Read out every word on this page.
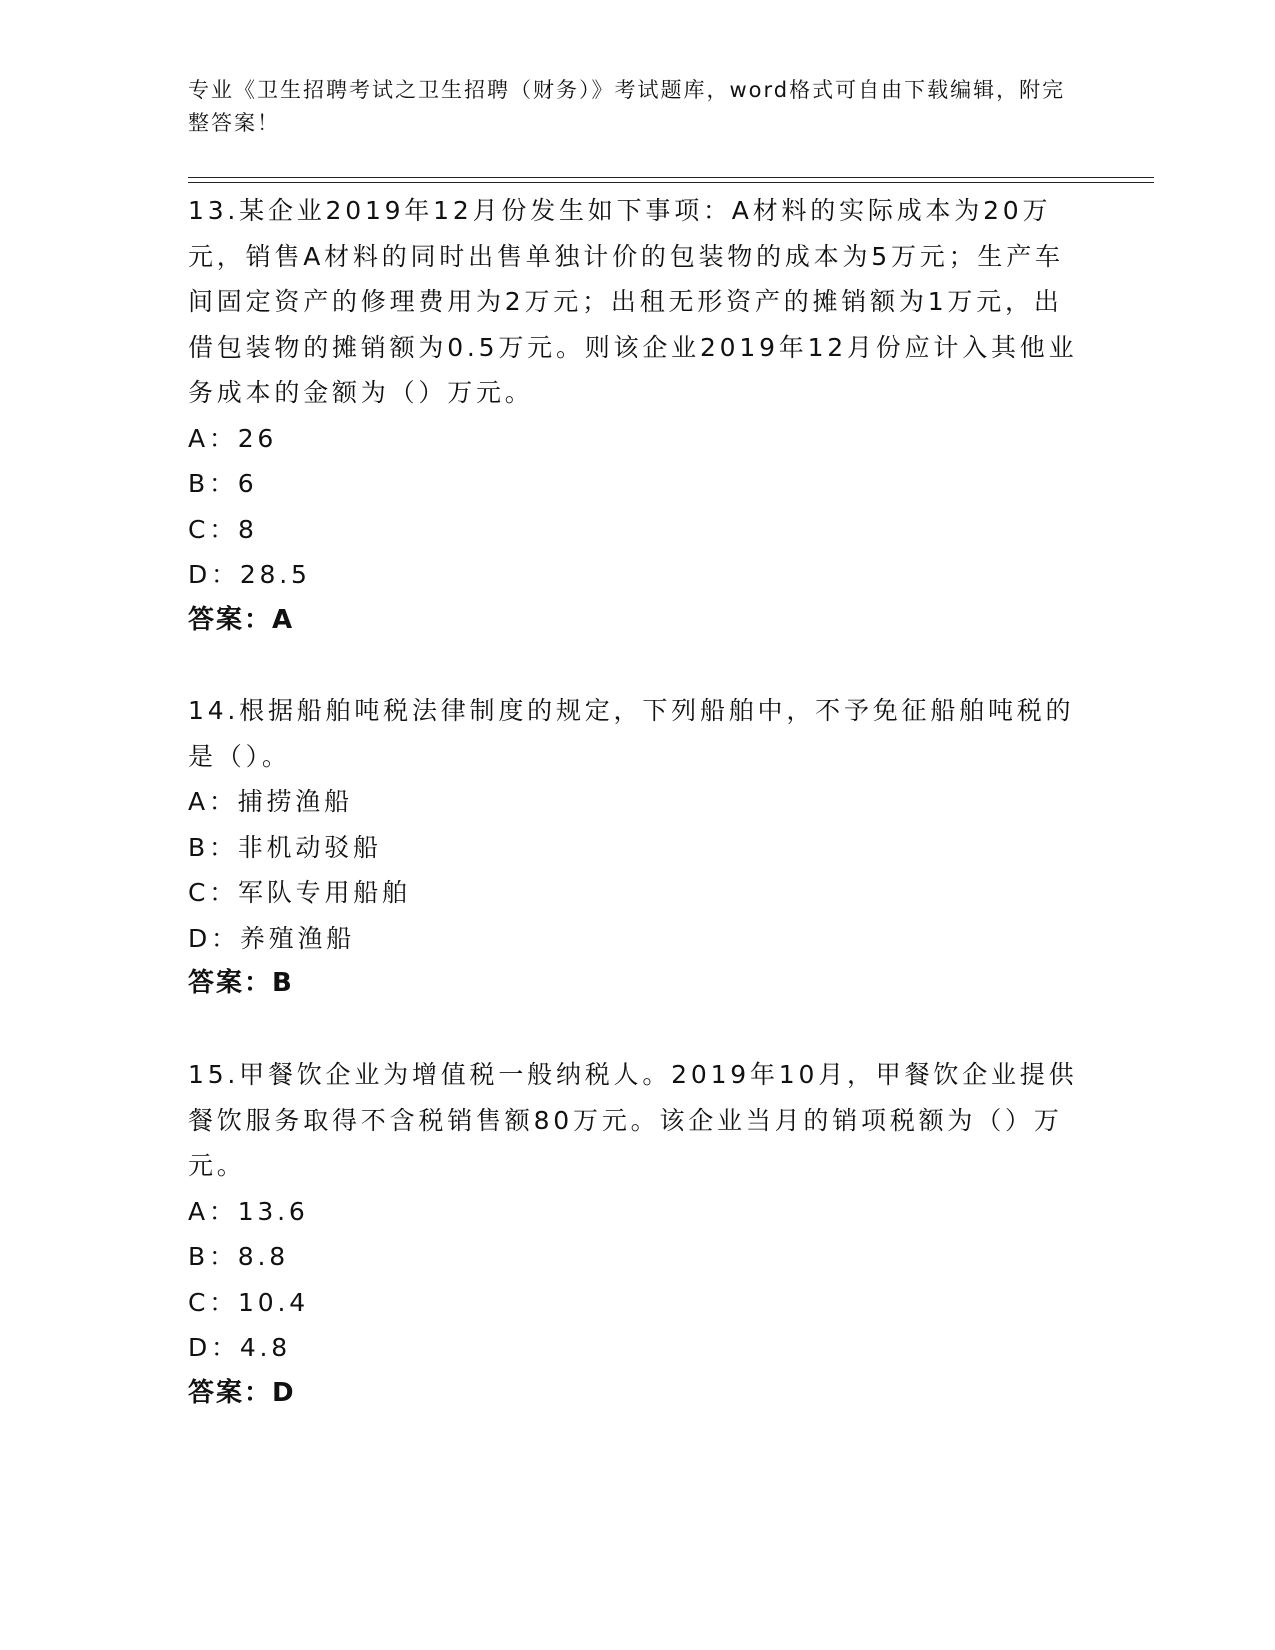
专业《卫生招聘考试之卫生招聘（财务）》考试题库，word格式可自由下载编辑，附完整答案！

13.某企业2019年12月份发生如下事项：A材料的实际成本为20万元，销售A材料的同时出售单独计价的包装物的成本为5万元；生产车间固定资产的修理费用为2万元；出租无形资产的摊销额为1万元，出借包装物的摊销额为0.5万元。则该企业2019年12月份应计入其他业务成本的金额为（）万元。

A：26
B：6
C：8
D：28.5
答案：A

14.根据船舶吨税法律制度的规定，下列船舶中，不予免征船舶吨税的是（）。

A：捕捞渔船
B：非机动驳船
C：军队专用船舶
D：养殖渔船
答案：B

15.甲餐饮企业为增值税一般纳税人。2019年10月，甲餐饮企业提供餐饮服务取得不含税销售额80万元。该企业当月的销项税额为（）万元。

A：13.6
B：8.8
C：10.4
D：4.8
答案：D
